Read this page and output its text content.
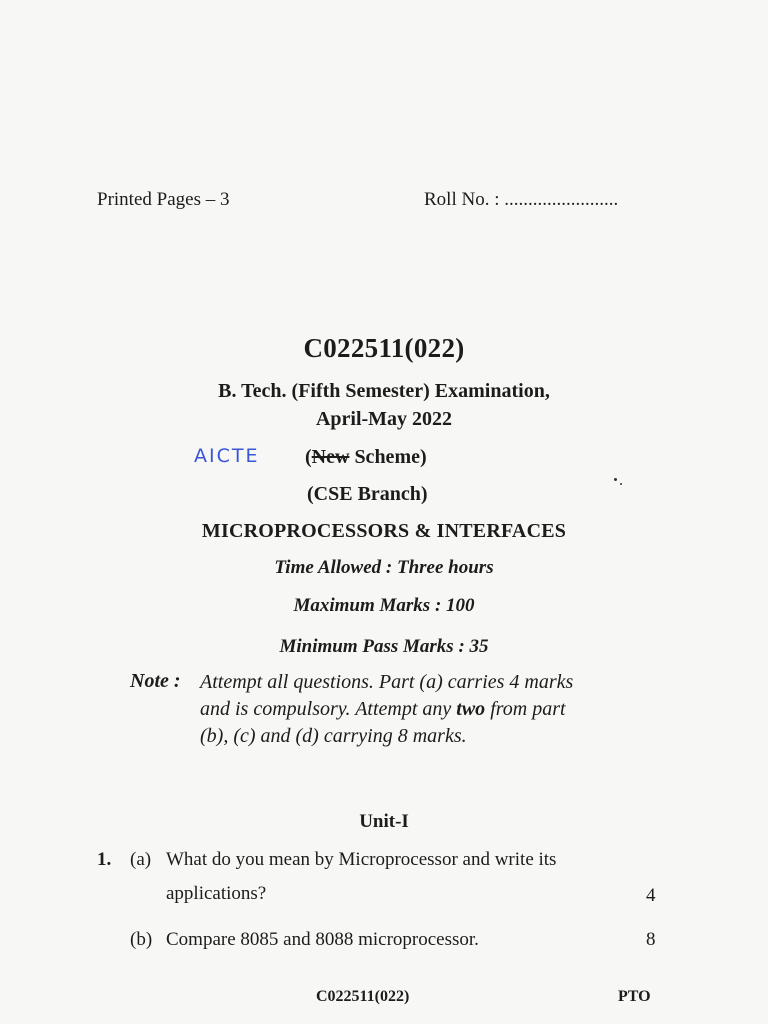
Printed Pages – 3	Roll No. : ........................
C022511(022)
B. Tech. (Fifth Semester) Examination,
April-May 2022
AICTE (New Scheme)
(CSE Branch)
MICROPROCESSORS & INTERFACES
Time Allowed : Three hours
Maximum Marks : 100
Minimum Pass Marks : 35
Note : Attempt all questions. Part (a) carries 4 marks
and is compulsory. Attempt any two from part
(b), (c) and (d) carrying 8 marks.
Unit-I
1. (a) What do you mean by Microprocessor and write its
applications?	4
(b) Compare 8085 and 8088 microprocessor.	8
C022511(022)	PTO
